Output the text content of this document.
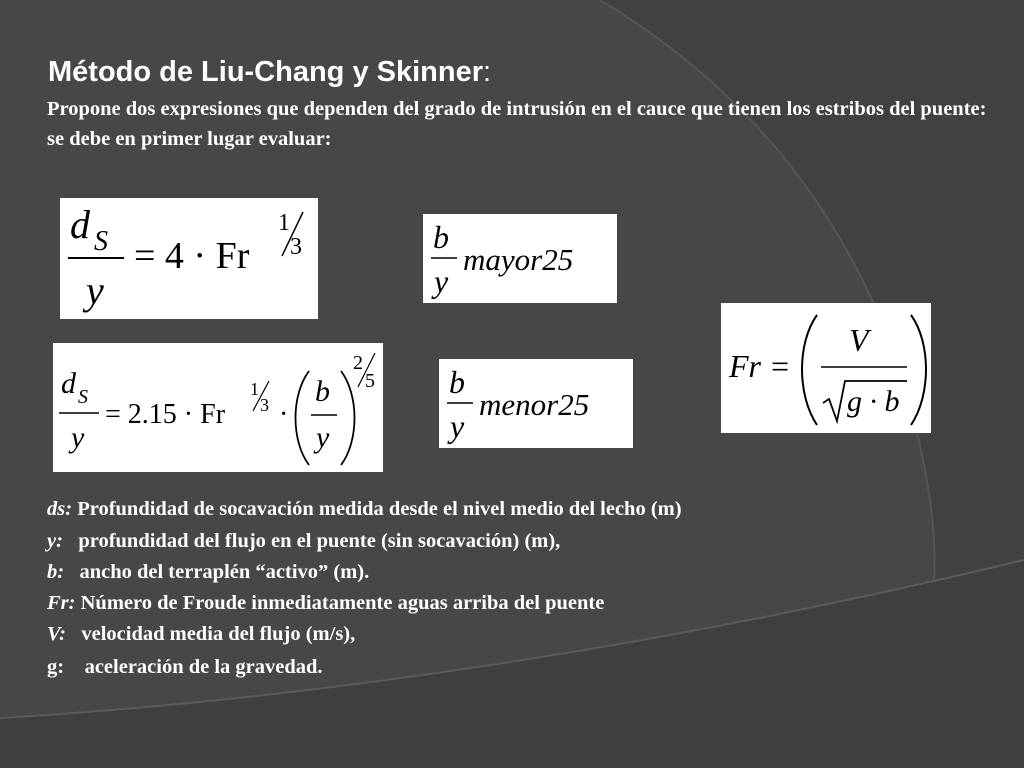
Método de Liu-Chang y Skinner:
Propone dos expresiones que dependen del grado de intrusión en el cauce que tienen los estribos del puente: se debe en primer lugar evaluar:
d S
y
= 4 · Fr
1
3	b
y
mayor25
Fr =
V
g · b
d S
y
= 2.15 · Fr
1
3 ·
b
y
2
5 b
y
menor25
ds: Profundidad de socavación medida desde el nivel medio del lecho (m)
y:   profundidad del flujo en el puente (sin socavación) (m),
b:   ancho del terraplén “activo” (m).
Fr: Número de Froude inmediatamente aguas arriba del puente
V:   velocidad media del flujo (m/s),
g:    aceleración de la gravedad.
